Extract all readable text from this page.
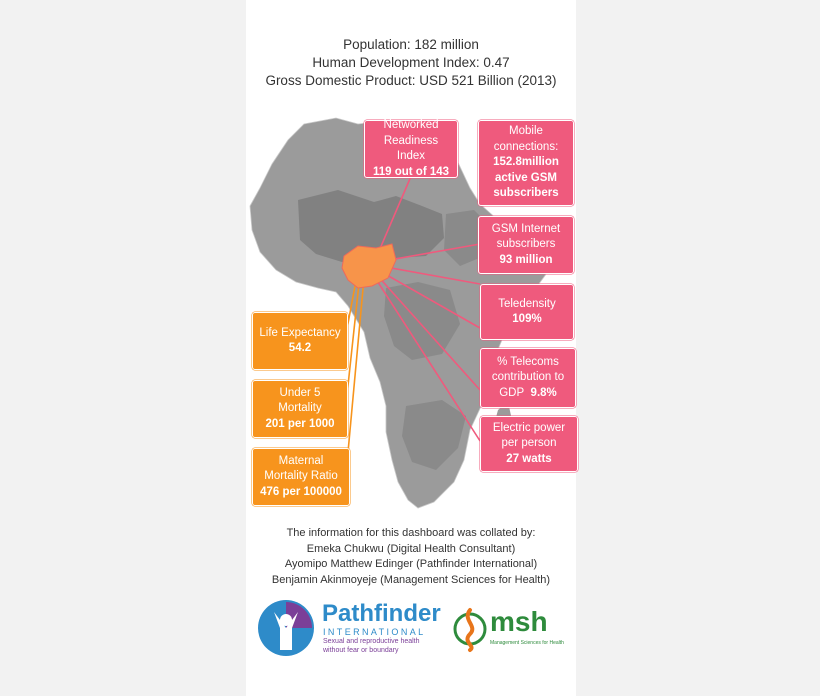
Population: 182 million
Human Development Index: 0.47
Gross Domestic Product: USD 521 Billion (2013)
Networked
Readiness Index
119 out of 143
Mobile
connections:
152.8million
active GSM
subscribers
GSM Internet
subscribers
93 million
Teledensity
109%
% Telecoms
contribution to
GDP 9.8%
Electric power
per person
27 watts
Life Expectancy
54.2
Under 5
Mortality
201 per 1000
Maternal
Mortality Ratio
476 per 100000
The information for this dashboard was collated by:
Emeka Chukwu (Digital Health Consultant)
Ayomipo Matthew Edinger (Pathfinder International)
Benjamin Akinmoyeje (Management Sciences for Health)
Pathfinder
INTERNATIONAL
Sexual and reproductive health
without fear or boundary
msh
Management Sciences for Health
